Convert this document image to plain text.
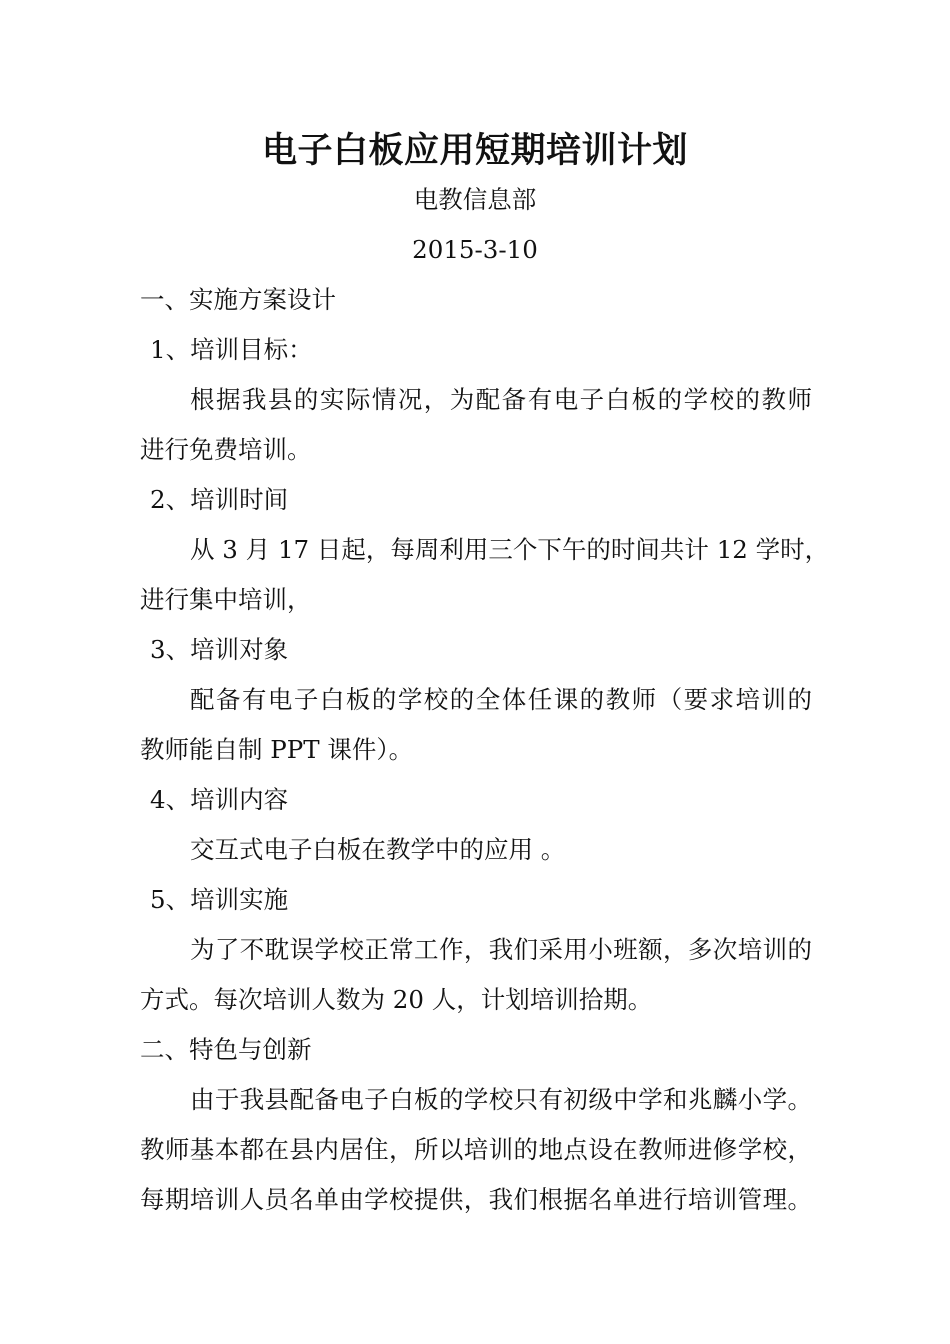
电子白板应用短期培训计划
电教信息部
2015-3-10
一、实施方案设计
1、培训目标：
根据我县的实际情况，为配备有电子白板的学校的教师
进行免费培训。
2、培训时间
从 3 月 17 日起，每周利用三个下午的时间共计 12 学时，
进行集中培训，
3、培训对象
配备有电子白板的学校的全体任课的教师（要求培训的
教师能自制 PPT 课件）。
4、培训内容
交互式电子白板在教学中的应用 。
5、培训实施
为了不耽误学校正常工作，我们采用小班额，多次培训的
方式。每次培训人数为 20 人，计划培训拾期。
二、特色与创新
由于我县配备电子白板的学校只有初级中学和兆麟小学。
教师基本都在县内居住，所以培训的地点设在教师进修学校，
每期培训人员名单由学校提供，我们根据名单进行培训管理。
